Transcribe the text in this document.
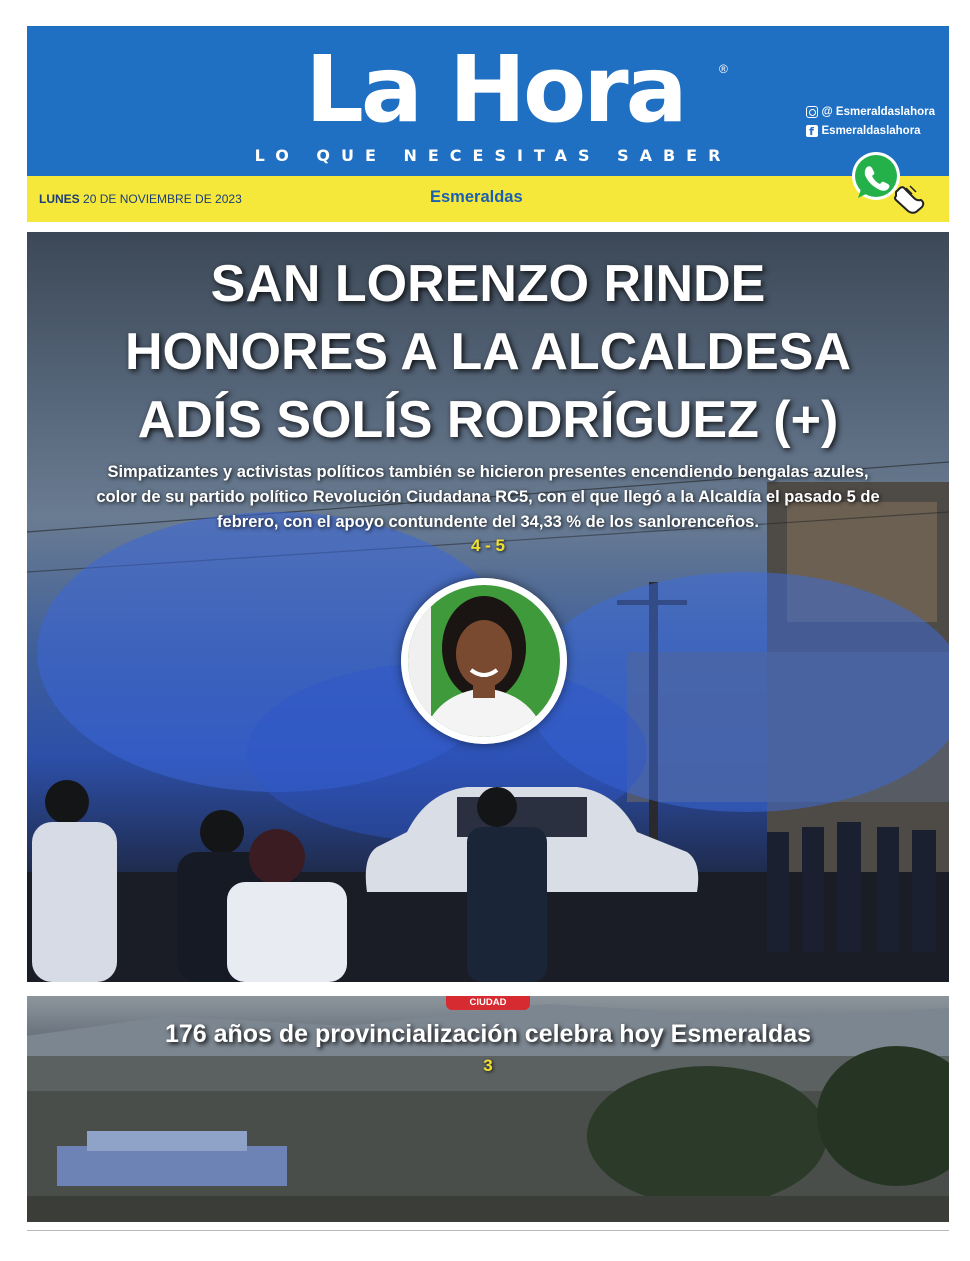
La Hora	®
LO QUE NECESITAS SABER
@ Esmeraldaslahora
f Esmeraldaslahora
LUNES 20 DE NOVIEMBRE DE 2023	Esmeraldas
SAN LORENZO RINDE
HONORES A LA ALCALDESA
ADÍS SOLÍS RODRÍGUEZ (+)
Simpatizantes y activistas políticos también se hicieron presentes encendiendo bengalas azules,
color de su partido político Revolución Ciudadana RC5, con el que llegó a la Alcaldía el pasado 5 de
febrero, con el apoyo contundente del 34,33 % de los sanlorenceños.
4 - 5
CIUDAD
176 años de provincialización celebra hoy Esmeraldas
3
